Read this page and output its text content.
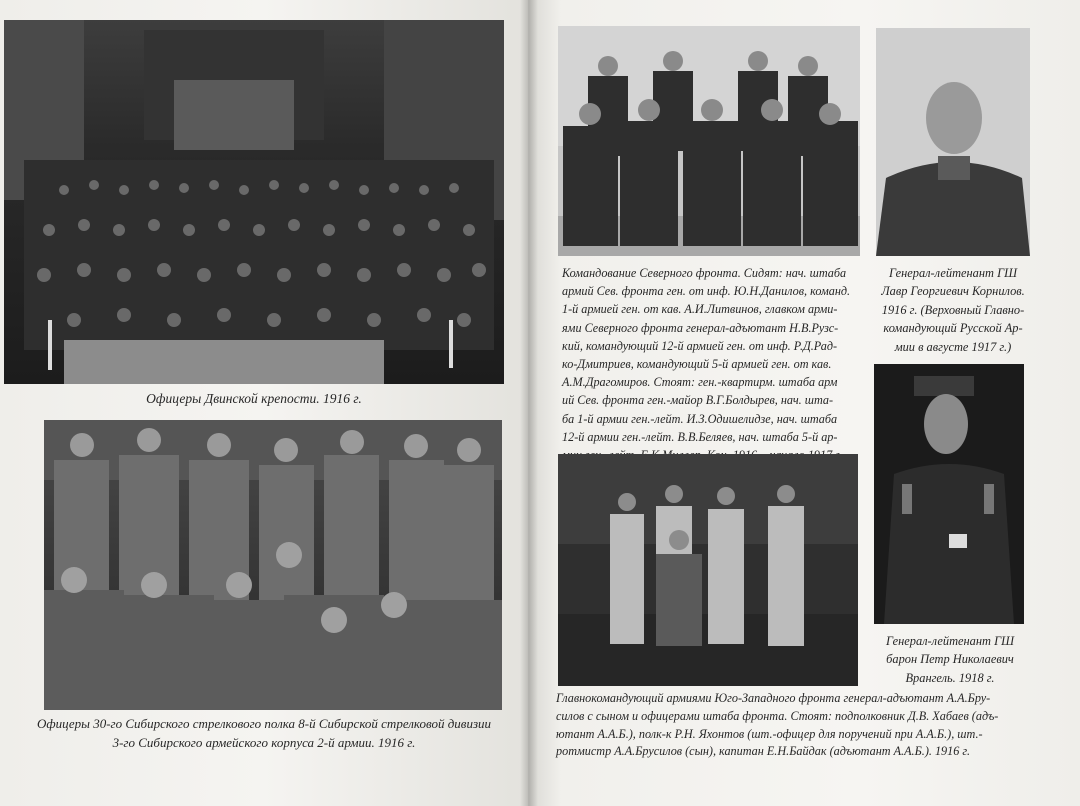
Офицеры Двинской крепости. 1916 г.
Офицеры 30-го Сибирского стрелкового полка 8-й Сибирской стрелковой дивизии
3-го Сибирского армейского корпуса 2-й армии. 1916 г.
Командование Северного фронта. Сидят: нач. штаба
армий Сев. фронта ген. от инф. Ю.Н.Данилов, команд.
1-й армией ген. от кав. А.И.Литвинов, главком арми-
ями Северного фронта генерал-адъютант Н.В.Рузс-
кий, командующий 12-й армией ген. от инф. Р.Д.Рад-
ко-Дмитриев, командующий 5-й армией ген. от кав.
А.М.Драгомиров. Стоят: ген.-квартирм. штаба арм
ий Сев. фронта ген.-майор В.Г.Болдырев, нач. шта-
ба 1-й армии ген.-лейт. И.З.Одишелидзе, нач. штаба
12-й армии ген.-лейт. В.В.Беляев, нач. штаба 5-й ар-
Генерал-лейтенант ГШ
Лавр Георгиевич Корнилов.
1916 г. (Верховный Главно-
командующий Русской Ар-
мии в августе 1917 г.)
Генерал-лейтенант ГШ
барон Петр Николаевич
Врангель. 1918 г.
Главнокомандующий армиями Юго-Западного фронта генерал-адъютант А.А.Бру-
силов с сыном и офицерами штаба фронта. Стоят: подполковник Д.В. Хабаев (адъ-
ютант А.А.Б.), полк-к Р.Н. Яхонтов (шт.-офицер для поручений при А.А.Б.), шт.-
ротмистр А.А.Брусилов (сын), капитан Е.Н.Байдак (адъютант А.А.Б.). 1916 г.
